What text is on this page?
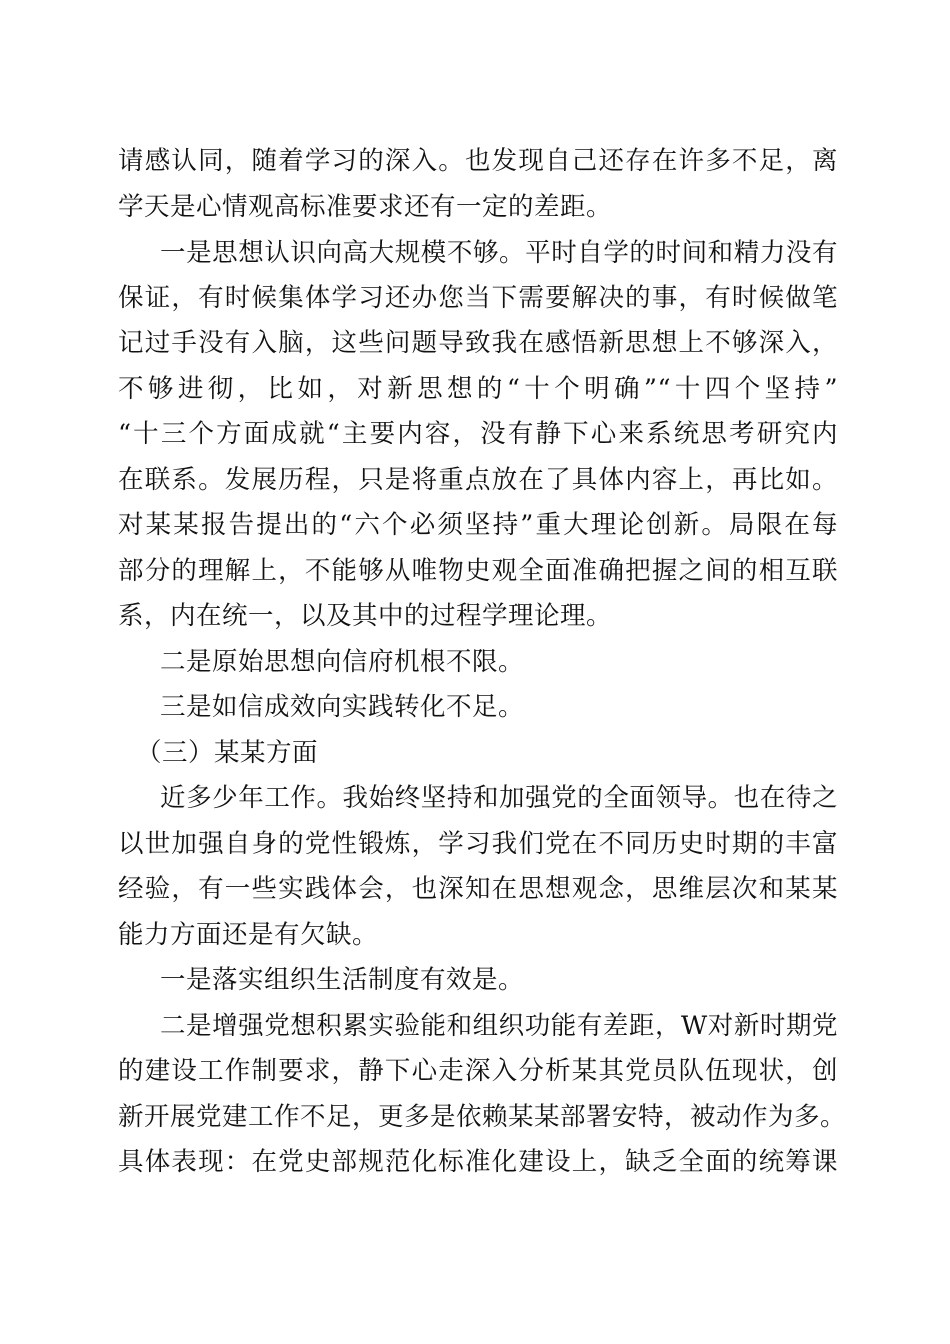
请感认同，随着学习的深入。也发现自己还存在许多不足，离
学天是心情观高标准要求还有一定的差距。
一是思想认识向高大规模不够。平时自学的时间和精力没有
保证，有时候集体学习还办您当下需要解决的事，有时候做笔
记过手没有入脑，这些问题导致我在感悟新思想上不够深入，
不够进彻，比如，对新思想的“十个明确”“十四个坚持”
“十三个方面成就“主要内容，没有静下心来系统思考研究内
在联系。发展历程，只是将重点放在了具体内容上，再比如。
对某某报告提出的“六个必须坚持”重大理论创新。局限在每
部分的理解上，不能够从唯物史观全面准确把握之间的相互联
系，内在统一，以及其中的过程学理论理。
二是原始思想向信府机根不限。
三是如信成效向实践转化不足。
（三）某某方面
近多少年工作。我始终坚持和加强党的全面领导。也在待之
以世加强自身的党性锻炼，学习我们党在不同历史时期的丰富
经验，有一些实践体会，也深知在思想观念，思维层次和某某
能力方面还是有欠缺。
一是落实组织生活制度有效是。
二是增强党想积累实验能和组织功能有差距，W对新时期党
的建设工作制要求，静下心走深入分析某其党员队伍现状，创
新开展党建工作不足，更多是依赖某某部署安特，被动作为多。
具体表现：在党史部规范化标准化建设上，缺乏全面的统筹课
